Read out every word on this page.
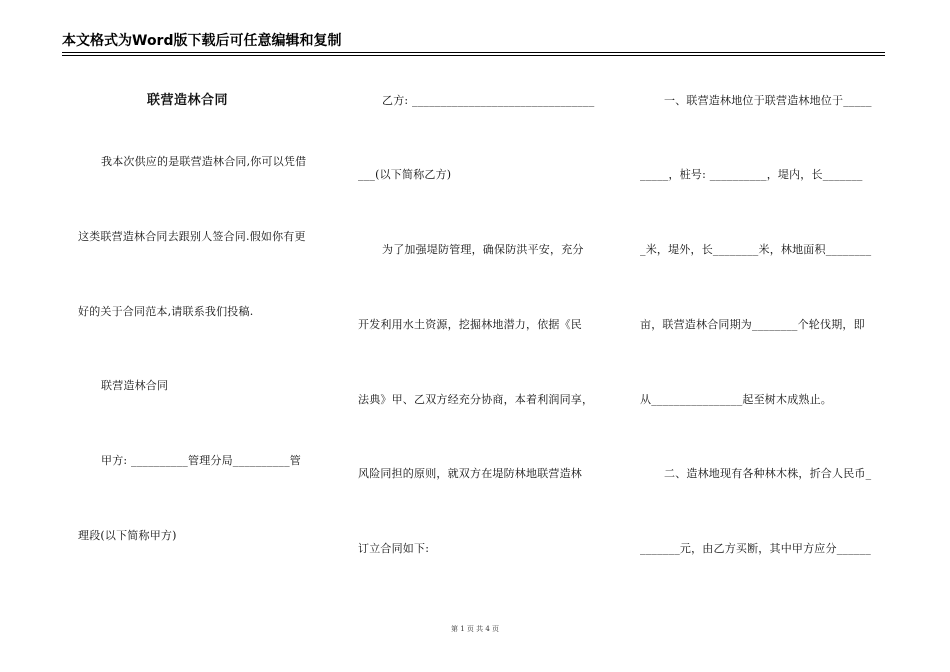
本文格式为Word版下载后可任意编辑和复制
联营造林合同
我本次供应的是联营造林合同,你可以凭借
这类联营造林合同去跟别人签合同.假如你有更
好的关于合同范本,请联系我们投稿.
联营造林合同
甲方: __________管理分局__________管
理段(以下简称甲方)
乙方: ________________________________
___(以下简称乙方)
为了加强堤防管理，确保防洪平安，充分
开发利用水土资源，挖掘林地潜力，依据《民
法典》甲、乙双方经充分协商，本着利润同享，
风险同担的原则，就双方在堤防林地联营造林
订立合同如下:
一、联营造林地位于联营造林地位于_____
_____，桩号: __________，堤内，长_______
_米，堤外，长________米，林地面积________
亩，联营造林合同期为________个轮伐期，即
从________________起至树木成熟止。
二、造林地现有各种林木株，折合人民币_
_______元，由乙方买断，其中甲方应分______
第 1 页 共 4 页
